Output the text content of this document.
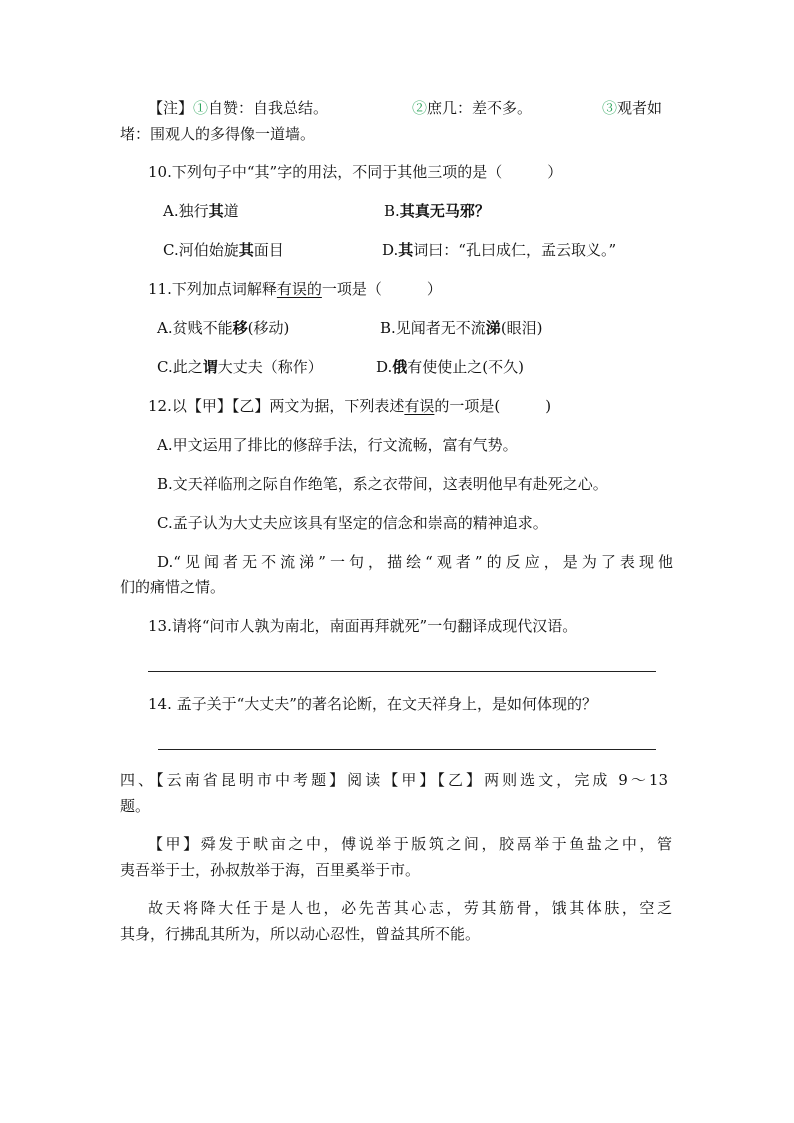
【注】①自赞：自我总结。	②庶几：差不多。	③观者如
堵：围观人的多得像一道墙。
10.下列句子中“其”字的用法，不同于其他三项的是（　　　）
A.独行其道	B.其真无马邪？
C.河伯始旋其面目	D.其词曰：“孔曰成仁，孟云取义。”
11.下列加点词解释有误的一项是（　　　）
A.贫贱不能移(移动)	B.见闻者无不流涕(眼泪)
C.此之谓大丈夫（称作）	D.俄有使使止之(不久)
12.以【甲】【乙】两文为据，下列表述有误的一项是(　　　)
A.甲文运用了排比的修辞手法，行文流畅，富有气势。
B.文天祥临刑之际自作绝笔，系之衣带间，这表明他早有赴死之心。
C.孟子认为大丈夫应该具有坚定的信念和崇高的精神追求。
D.“见闻者无不流涕”一句，描绘“观者”的反应，是为了表现他
们的痛惜之情。
13.请将“问市人孰为南北，南面再拜就死”一句翻译成现代汉语。
14. 孟子关于“大丈夫”的著名论断，在文天祥身上，是如何体现的？
四、【云南省昆明市中考题】阅读【甲】【乙】两则选文，完成 9～13
题。
【甲】舜发于畎亩之中，傅说举于版筑之间，胶鬲举于鱼盐之中，管
夷吾举于士，孙叔敖举于海，百里奚举于市。
故天将降大任于是人也，必先苦其心志，劳其筋骨，饿其体肤，空乏
其身，行拂乱其所为，所以动心忍性，曾益其所不能。
